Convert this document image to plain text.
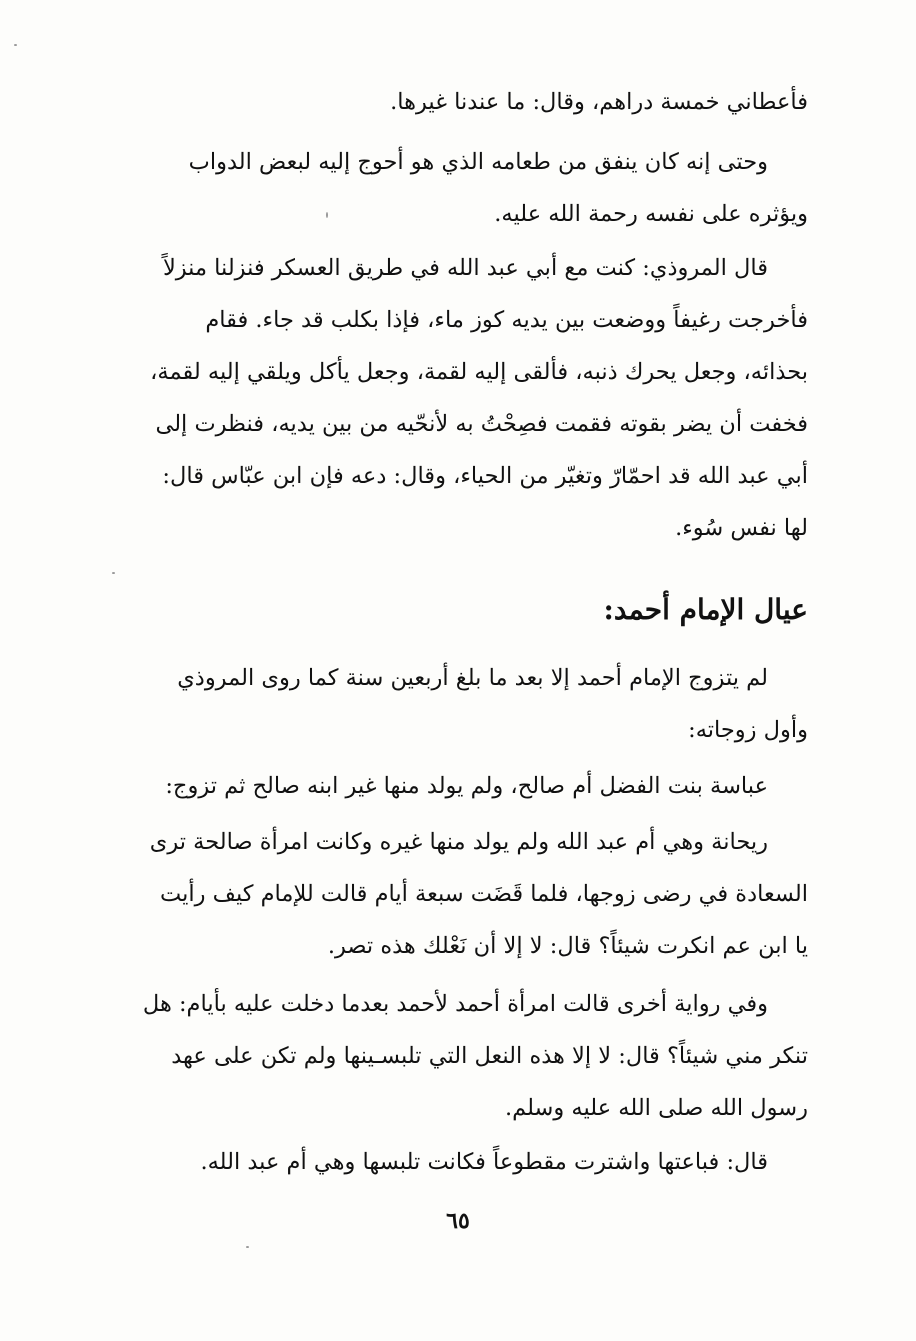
فأعطاني خمسة دراهم، وقال: ما عندنا غيرها.
وحتى إنه كان ينفق من طعامه الذي هو أحوج إليه لبعض الدواب
ويؤثره على نفسه رحمة الله عليه.
قال المروذي: كنت مع أبي عبد الله في طريق العسكر فنزلنا منزلاً
فأخرجت رغيفاً ووضعت بين يديه كوز ماء، فإذا بكلب قد جاء. فقام
بحذائه، وجعل يحرك ذنبه، فألقى إليه لقمة، وجعل يأكل ويلقي إليه لقمة،
فخفت أن يضر بقوته فقمت فصِحْتُ به لأنحّيه من بين يديه، فنظرت إلى
أبي عبد الله قد احمّارّ وتغيّر من الحياء، وقال: دعه فإن ابن عبّاس قال:
لها نفس سُوء.
عيال الإمام أحمد:
لم يتزوج الإمام أحمد إلا بعد ما بلغ أربعين سنة كما روى المروذي
وأول زوجاته:
عباسة بنت الفضل أم صالح، ولم يولد منها غير ابنه صالح ثم تزوج:
ريحانة وهي أم عبد الله ولم يولد منها غيره وكانت امرأة صالحة ترى
السعادة في رضى زوجها، فلما قَضَت سبعة أيام قالت للإمام كيف رأيت
يا ابن عم انكرت شيئاً؟ قال: لا إلا أن نَعْلك هذه تصر.
وفي رواية أخرى قالت امرأة أحمد لأحمد بعدما دخلت عليه بأيام: هل
تنكر مني شيئاً؟ قال: لا إلا هذه النعل التي تلبسـينها ولم تكن على عهد
رسول الله صلى الله عليه وسلم.
قال: فباعتها واشترت مقطوعاً فكانت تلبسها وهي أم عبد الله.
٦٥
